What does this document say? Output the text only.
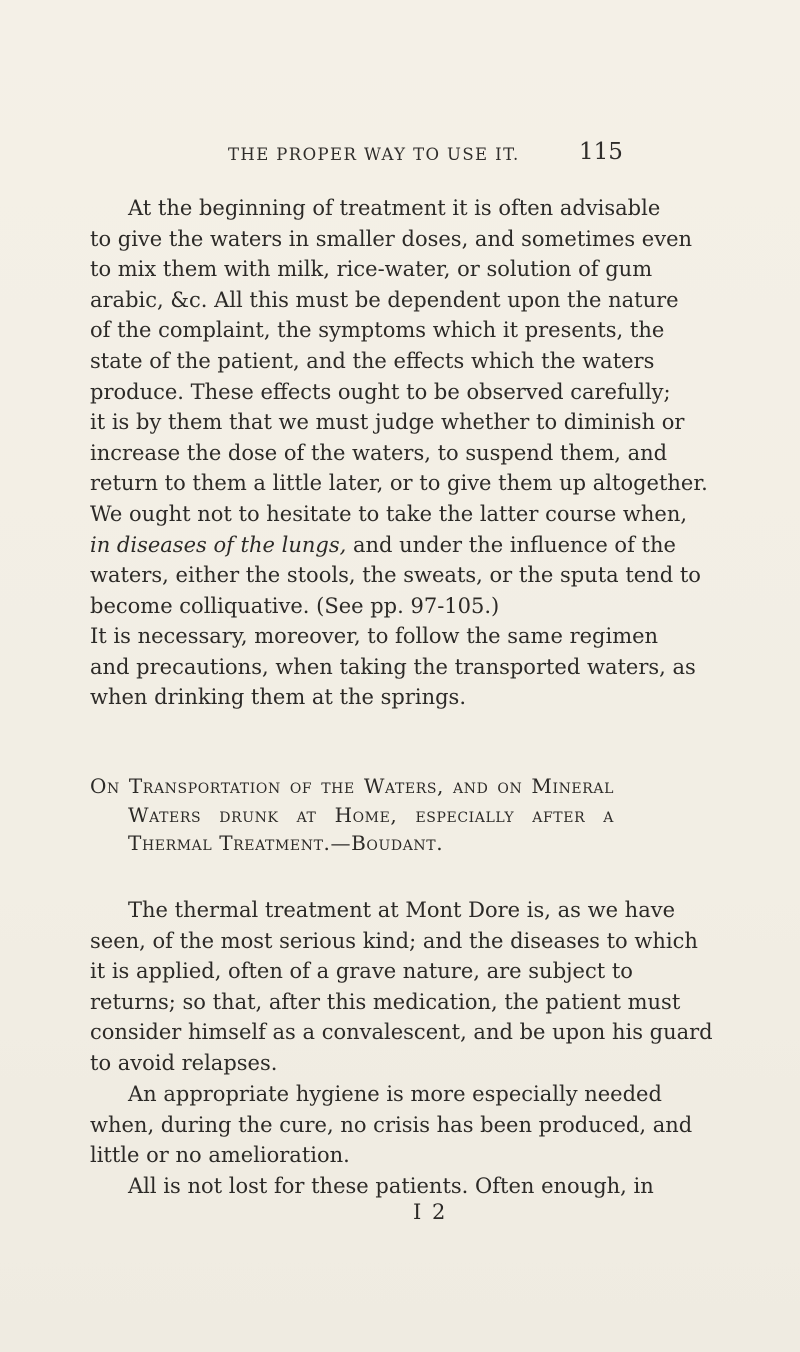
THE PROPER WAY TO USE IT.	115
At the beginning of treatment it is often advisable
to give the waters in smaller doses, and sometimes even
to mix them with milk, rice-water, or solution of gum
arabic, &c. All this must be dependent upon the nature
of the complaint, the symptoms which it presents, the
state of the patient, and the effects which the waters
produce. These effects ought to be observed carefully;
it is by them that we must judge whether to diminish or
increase the dose of the waters, to suspend them, and
return to them a little later, or to give them up altogether.
We ought not to hesitate to take the latter course when,
in diseases of the lungs, and under the influence of the
waters, either the stools, the sweats, or the sputa tend to
become colliquative. (See pp. 97-105.)
It is necessary, moreover, to follow the same regimen
and precautions, when taking the transported waters, as
when drinking them at the springs.
On Transportation of the Waters, and on Mineral
Waters drunk at Home, especially after a
Thermal Treatment.—Boudant.
The thermal treatment at Mont Dore is, as we have
seen, of the most serious kind; and the diseases to which
it is applied, often of a grave nature, are subject to
returns; so that, after this medication, the patient must
consider himself as a convalescent, and be upon his guard
to avoid relapses.
An appropriate hygiene is more especially needed
when, during the cure, no crisis has been produced, and
little or no amelioration.
All is not lost for these patients. Often enough, in
I 2
